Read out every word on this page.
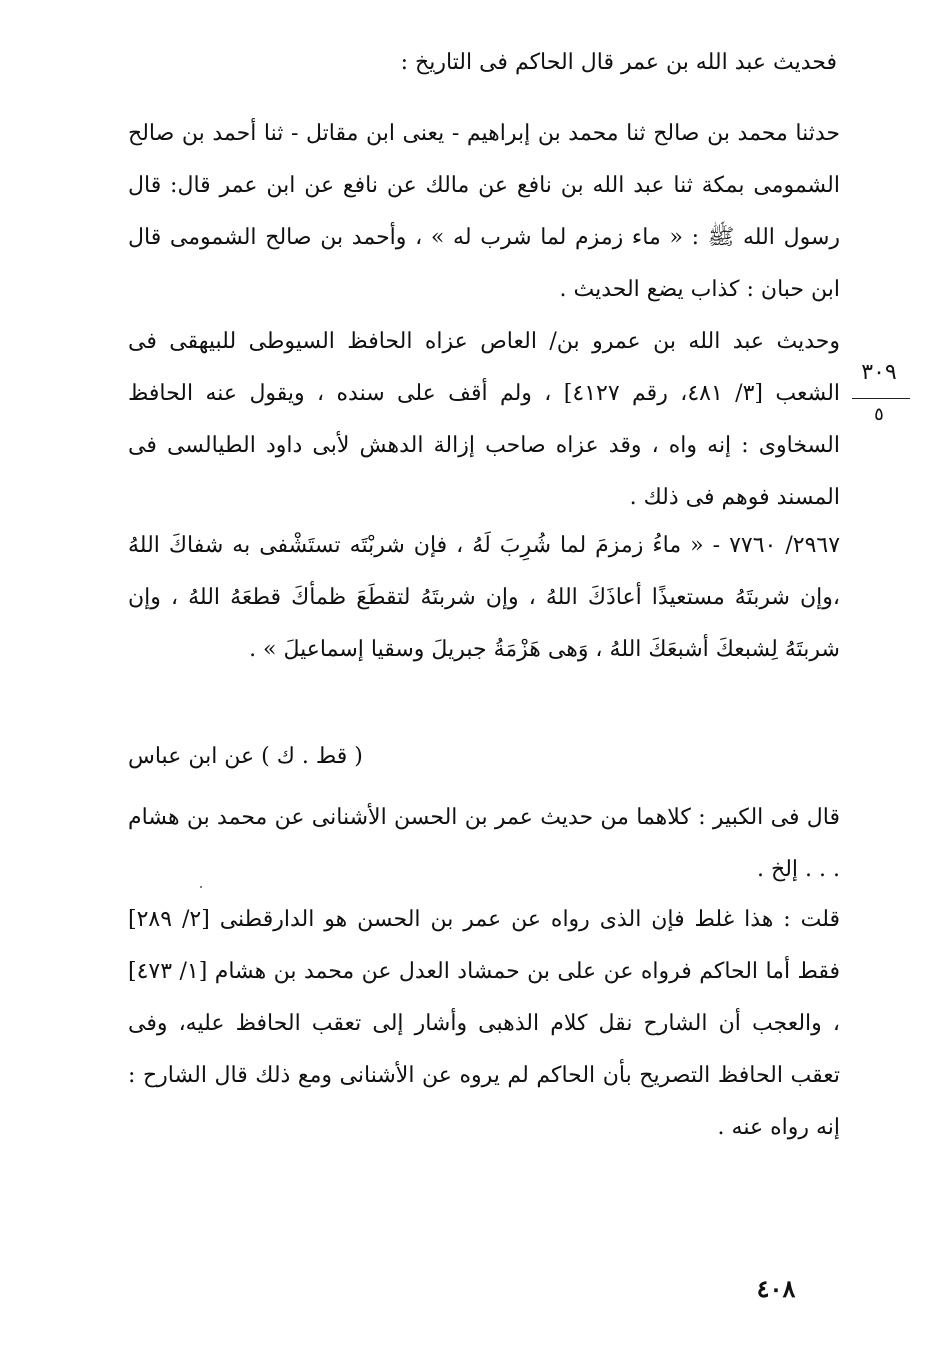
فحديث عبد الله بن عمر قال الحاكم فى التاريخ :

حدثنا محمد بن صالح ثنا محمد بن إبراهيم - يعنى ابن مقاتل - ثنا أحمد بن صالح الشمومى بمكة ثنا عبد الله بن نافع عن مالك عن نافع عن ابن عمر قال: قال رسول الله ﷺ : « ماء زمزم لما شرب له » ، وأحمد بن صالح الشمومى قال ابن حبان : كذاب يضع الحديث .

وحديث عبد الله بن عمرو بن/ العاص عزاه الحافظ السيوطى للبيهقى فى الشعب [٣/ ٤٨١، رقم ٤١٢٧] ، ولم أقف على سنده ، ويقول عنه الحافظ السخاوى : إنه واه ، وقد عزاه صاحب إزالة الدهش لأبى داود الطيالسى فى المسند فوهم فى ذلك .

٣٠٩
٥

٢٩٦٧/ ٧٧٦٠ - « ماءُ زمزمَ لما شُرِبَ لَهُ ، فإن شربْتَه تستَشْفى به شفاكَ اللهُ ،وإن شربتَهُ مستعيذًا أعاذَكَ اللهُ ، وإن شربتَهُ لتقطَعَ ظمأكَ قطعَهُ اللهُ ، وإن شربتَهُ لِشبعكَ أشبعَكَ اللهُ ، وَهى هَزْمَةُ جبريلَ وسقيا إسماعيلَ » .

( قط . ك ) عن ابن عباس

قال فى الكبير : كلاهما من حديث عمر بن الحسن الأشنانى عن محمد بن هشام . . . إلخ .

قلت : هذا غلط فإن الذى رواه عن عمر بن الحسن هو الدارقطنى [٢/ ٢٨٩] فقط أما الحاكم فرواه عن على بن حمشاد العدل عن محمد بن هشام [١/ ٤٧٣] ، والعجب أن الشارح نقل كلام الذهبى وأشار إلى تعقب الحافظ عليه، وفى تعقب الحافظ التصريح بأن الحاكم لم يروه عن الأشنانى ومع ذلك قال الشارح : إنه رواه عنه .

٤٠٨
